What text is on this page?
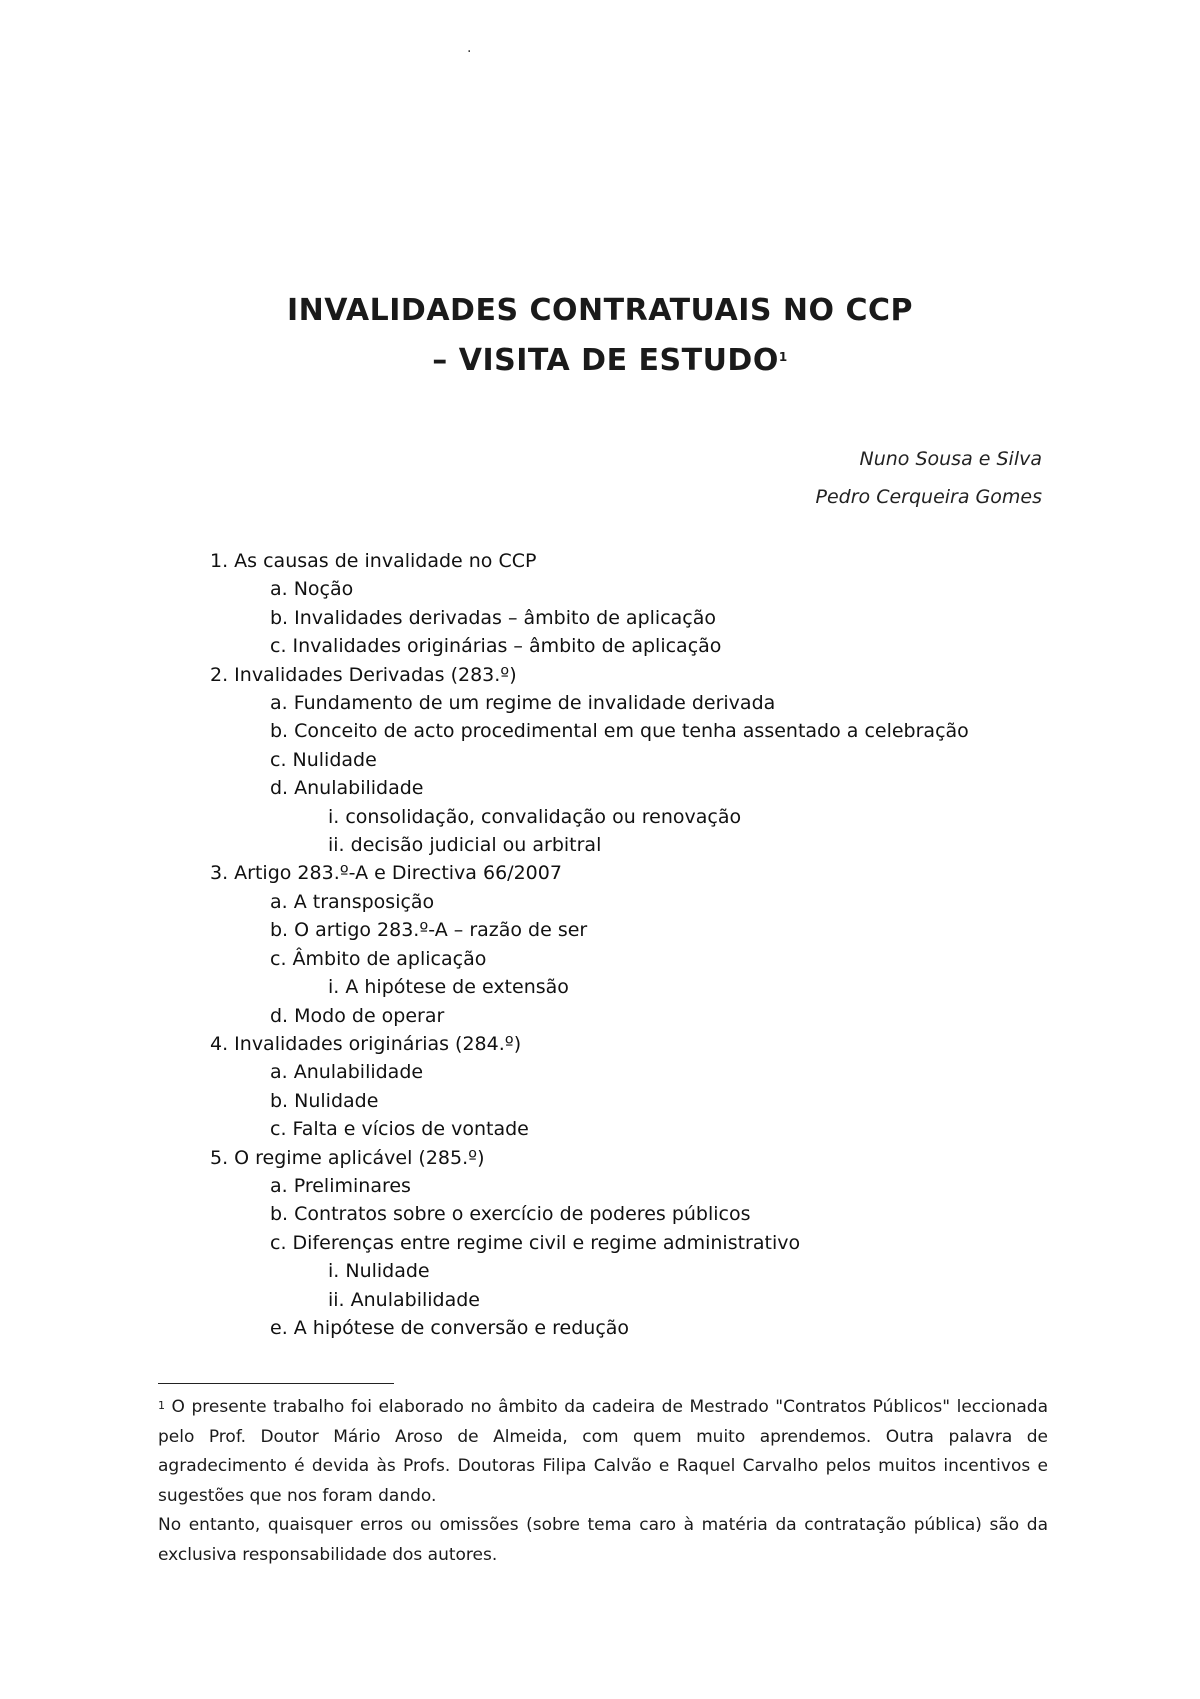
.
INVALIDADES CONTRATUAIS NO CCP
– VISITA DE ESTUDO$^1$
Nuno Sousa e Silva
Pedro Cerqueira Gomes
1. As causas de invalidade no CCP
a. Noção
b. Invalidades derivadas – âmbito de aplicação
c. Invalidades originárias – âmbito de aplicação
2. Invalidades Derivadas (283.º)
a. Fundamento de um regime de invalidade derivada
b. Conceito de acto procedimental em que tenha assentado a celebração
c. Nulidade
d. Anulabilidade
i. consolidação, convalidação ou renovação
ii. decisão judicial ou arbitral
3. Artigo 283.º-A e Directiva 66/2007
a. A transposição
b. O artigo 283.º-A – razão de ser
c. Âmbito de aplicação
i. A hipótese de extensão
d. Modo de operar
4. Invalidades originárias (284.º)
a. Anulabilidade
b. Nulidade
c. Falta e vícios de vontade
5. O regime aplicável (285.º)
a. Preliminares
b. Contratos sobre o exercício de poderes públicos
c. Diferenças entre regime civil e regime administrativo
i. Nulidade
ii. Anulabilidade
e. A hipótese de conversão e redução

$^1$ O presente trabalho foi elaborado no âmbito da cadeira de Mestrado "Contratos Públicos" leccionada pelo Prof. Doutor Mário Aroso de Almeida, com quem muito aprendemos. Outra palavra de agradecimento é devida às Profs. Doutoras Filipa Calvão e Raquel Carvalho pelos muitos incentivos e sugestões que nos foram dando.

No entanto, quaisquer erros ou omissões (sobre tema caro à matéria da contratação pública) são da exclusiva responsabilidade dos autores.
